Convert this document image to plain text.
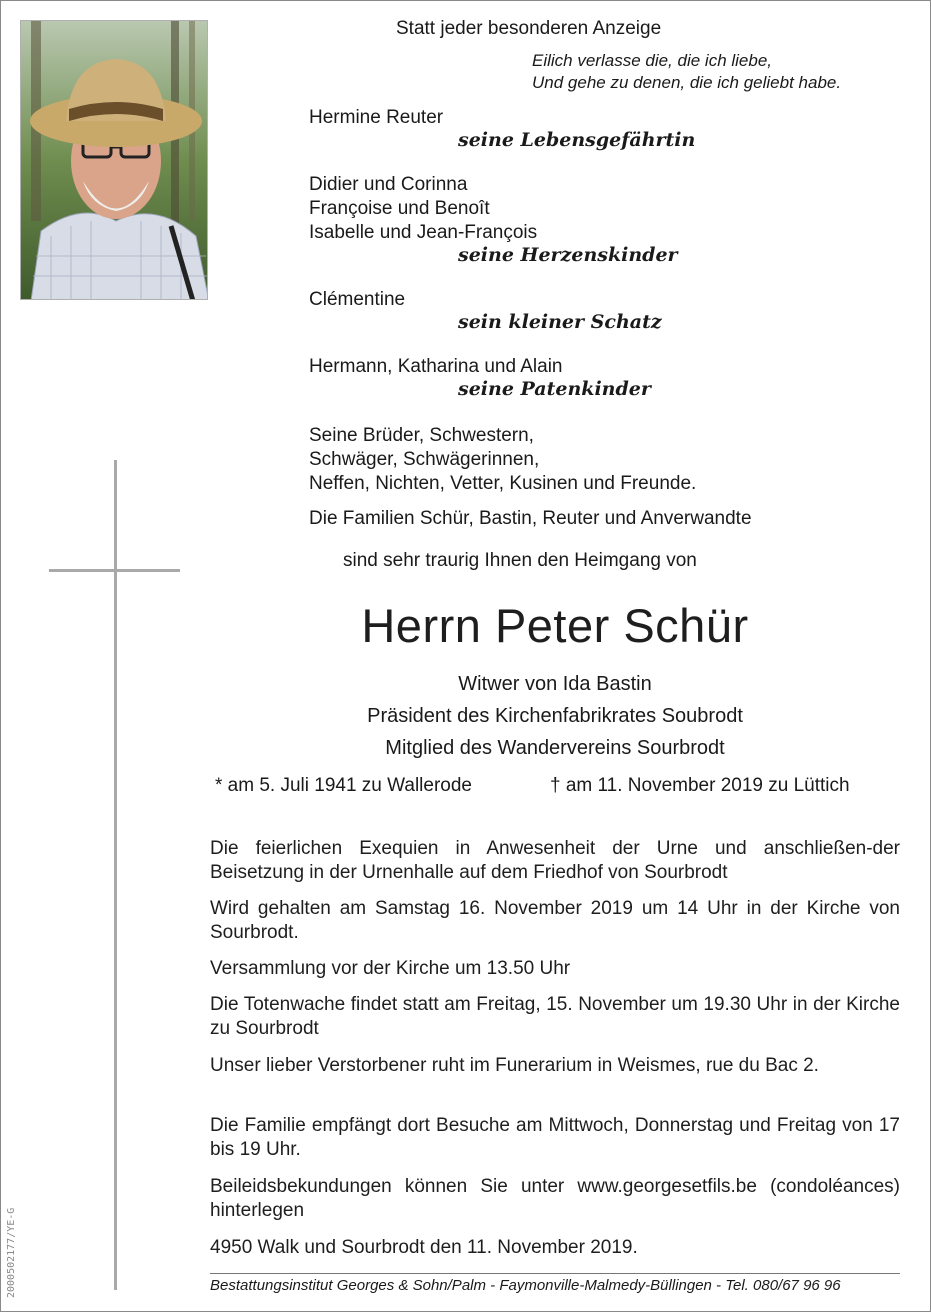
Statt jeder besonderen Anzeige
Eilich verlasse die, die ich liebe,
Und gehe zu denen, die ich geliebt habe.
Hermine Reuter
seine Lebensgefährtin
Didier und Corinna
Françoise und Benoît
Isabelle und Jean-François
seine Herzenskinder
Clémentine
sein kleiner Schatz
Hermann, Katharina und Alain
seine Patenkinder
Seine Brüder, Schwestern,
Schwäger, Schwägerinnen,
Neffen, Nichten, Vetter, Kusinen und Freunde.
Die Familien Schür, Bastin, Reuter und Anverwandte
sind sehr traurig Ihnen den Heimgang von
Herrn Peter Schür
Witwer von Ida Bastin
Präsident des Kirchenfabrikrates Soubrodt
Mitglied des Wandervereins Sourbrodt
* am 5. Juli 1941 zu Wallerode	† am 11. November 2019 zu Lüttich
Die feierlichen Exequien in Anwesenheit der Urne und anschließen-der Beisetzung in der Urnenhalle auf dem Friedhof von Sourbrodt
Wird gehalten am Samstag 16. November 2019 um 14 Uhr in der Kirche von Sourbrodt.
Versammlung vor der Kirche um 13.50 Uhr
Die Totenwache findet statt am Freitag, 15. November um 19.30 Uhr in der Kirche zu Sourbrodt
Unser lieber Verstorbener ruht im Funerarium in Weismes, rue du Bac 2.
Die Familie empfängt dort Besuche am Mittwoch, Donnerstag und Freitag von 17 bis 19 Uhr.
Beileidsbekundungen können Sie unter www.georgesetfils.be (condoléances) hinterlegen
4950 Walk und Sourbrodt den 11. November 2019.
Bestattungsinstitut Georges & Sohn/Palm - Faymonville-Malmedy-Büllingen - Tel. 080/67 96 96
2000502177/YE-G
